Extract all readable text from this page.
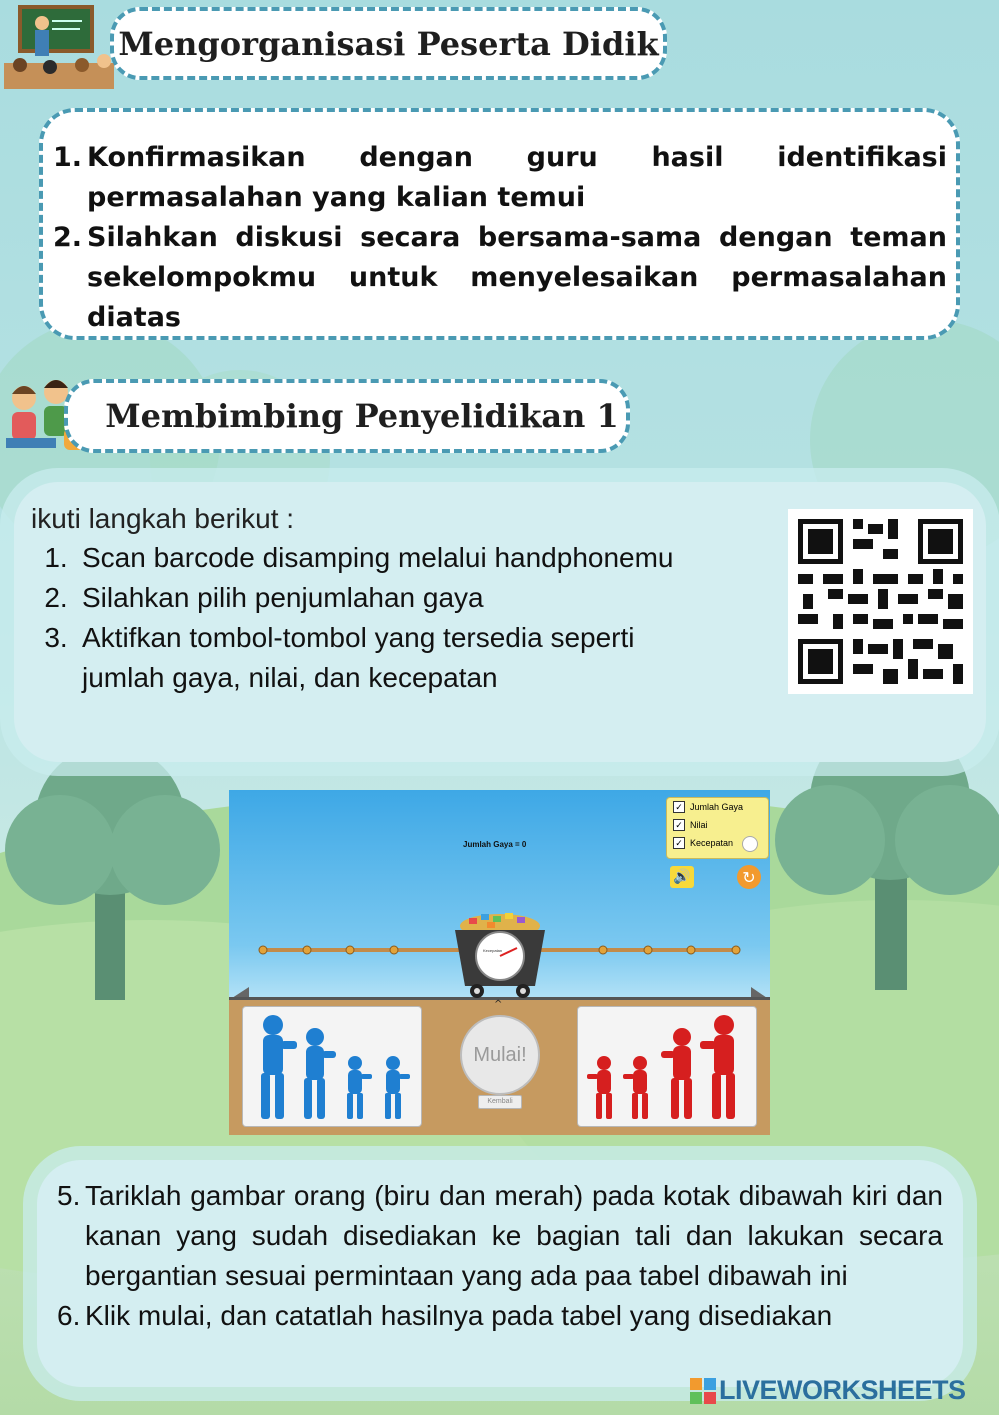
Mengorganisasi Peserta Didik
1. Konfirmasikan dengan guru hasil identifikasi permasalahan yang kalian temui
2. Silahkan diskusi secara bersama-sama dengan teman sekelompokmu untuk menyelesaikan permasalahan diatas
Membimbing Penyelidikan 1
ikuti langkah berikut :
1. Scan barcode disamping melalui handphonemu
2. Silahkan pilih penjumlahan gaya
3. Aktifkan tombol-tombol yang tersedia seperti jumlah gaya, nilai, dan kecepatan
Jumlah Gaya = 0
✓ Jumlah Gaya
✓ Nilai
✓ Kecepatan
🔊	↻
Kecepatan
^
Mulai!
Kembali
5. Tariklah gambar orang (biru dan merah) pada kotak dibawah kiri dan kanan yang sudah disediakan ke bagian tali dan lakukan secara bergantian sesuai permintaan yang ada paa tabel dibawah ini
6. Klik mulai, dan catatlah hasilnya pada tabel yang disediakan
LIVEWORKSHEETS
